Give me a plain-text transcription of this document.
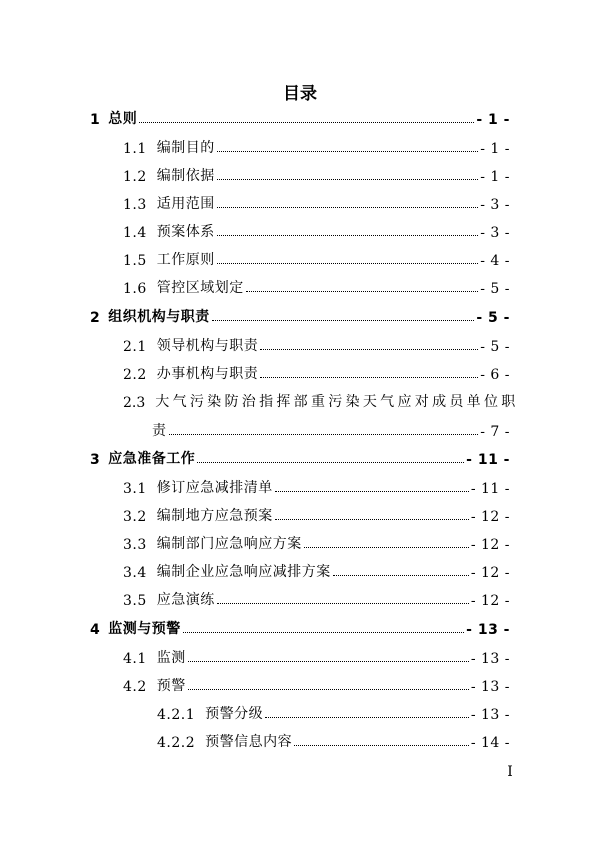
目录
1 总则	- 1 -
1.1 编制目的	- 1 -
1.2 编制依据	- 1 -
1.3 适用范围	- 3 -
1.4 预案体系	- 3 -
1.5 工作原则	- 4 -
1.6 管控区域划定	- 5 -
2 组织机构与职责	- 5 -
2.1 领导机构与职责	- 5 -
2.2 办事机构与职责	- 6 -
2.3 大气污染防治指挥部重污染天气应对成员单位职
责	- 7 -
3 应急准备工作	- 11 -
3.1 修订应急减排清单	- 11 -
3.2 编制地方应急预案	- 12 -
3.3 编制部门应急响应方案	- 12 -
3.4 编制企业应急响应减排方案	- 12 -
3.5 应急演练	- 12 -
4 监测与预警	- 13 -
4.1 监测	- 13 -
4.2 预警	- 13 -
4.2.1 预警分级	- 13 -
4.2.2 预警信息内容	- 14 -
I
